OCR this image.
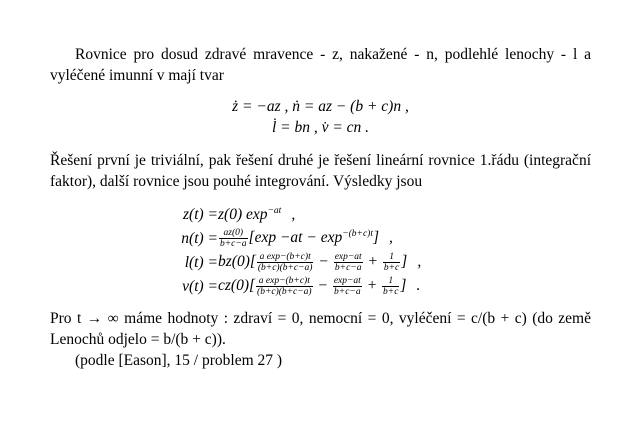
Rovnice pro dosud zdravé mravence - z, nakažené - n, podlehlé lenochy - l a vyléčené imunní v mají tvar

ż = −az , ṅ = az − (b + c)n ,
l̇ = bn , v̇ = cn .

Řešení první je triviální, pak řešení druhé je řešení lineární rovnice 1.řádu (integrační faktor), další rovnice jsou pouhé integrování. Výsledky jsou

z(t) = z(0) $\exp^{-at}$ ,
$n(t) = \frac{az(0)}{b+c-a} [\exp -at - \exp^{-(b+c)t}]$ ,
$l(t) = bz(0)[ \frac{\text{a exp−(b+c)t}}{(b+c)(b+c-a)} - \frac{\exp-at}{b+c-a} + \frac{1}{b+c}$ ] ,
$v(t) = cz(0)[ \frac{\text{a exp−(b+c)t}}{(b+c)(b+c-a)} - \frac{\exp-at}{b+c-a} + \frac{1}{b+c}$ ] .

Pro t → ∞ máme hodnoty : zdraví = 0, nemocní = 0, vyléčení = c/(b + c) (do země Lenochů odjelo = b/(b + c)).

(podle [Eason], 15 / problem 27 )
